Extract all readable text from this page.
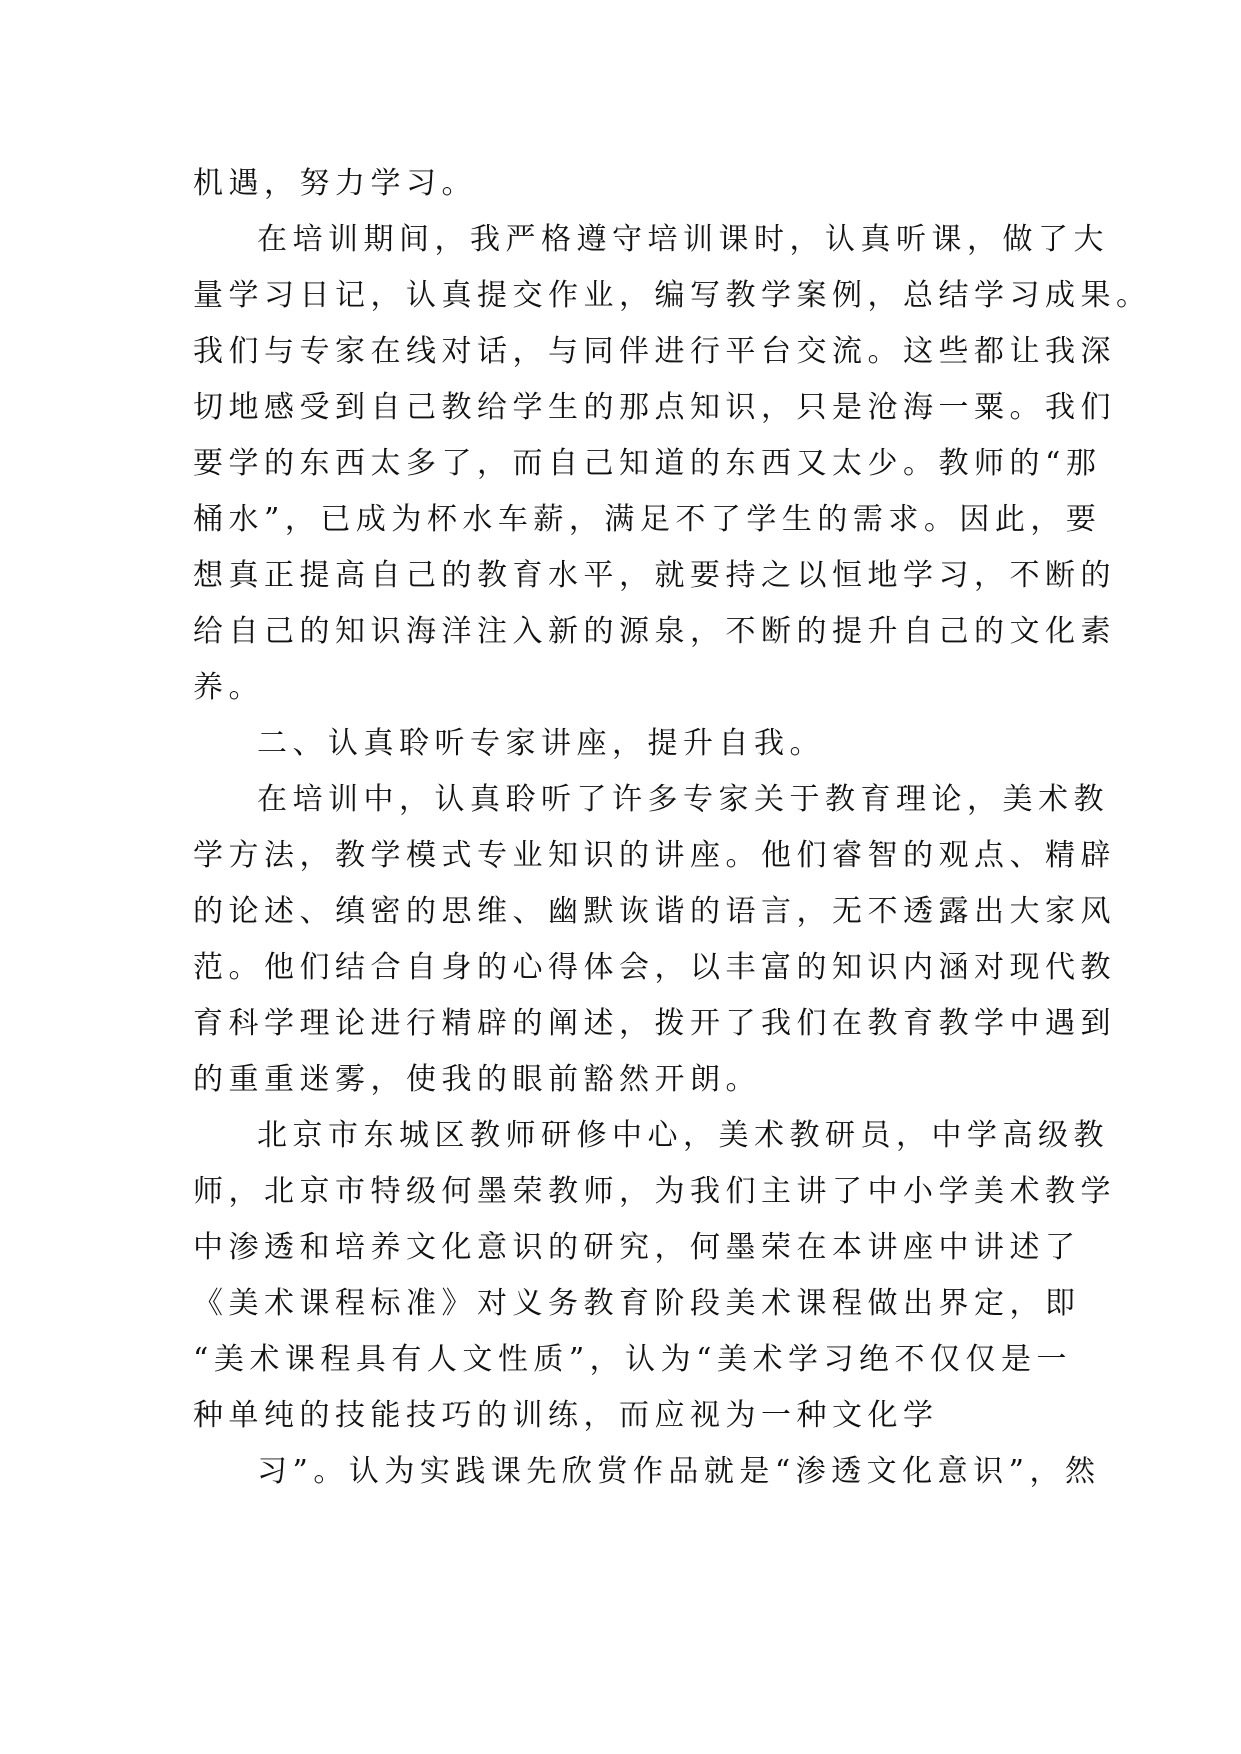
机遇，努力学习。
在培训期间，我严格遵守培训课时，认真听课，做了大
量学习日记，认真提交作业，编写教学案例，总结学习成果。
我们与专家在线对话，与同伴进行平台交流。这些都让我深
切地感受到自己教给学生的那点知识，只是沧海一粟。我们
要学的东西太多了，而自己知道的东西又太少。教师的“那
桶水”，已成为杯水车薪，满足不了学生的需求。因此，要
想真正提高自己的教育水平，就要持之以恒地学习，不断的
给自己的知识海洋注入新的源泉，不断的提升自己的文化素
养。
二、认真聆听专家讲座，提升自我。
在培训中，认真聆听了许多专家关于教育理论，美术教
学方法，教学模式专业知识的讲座。他们睿智的观点、精辟
的论述、缜密的思维、幽默诙谐的语言，无不透露出大家风
范。他们结合自身的心得体会，以丰富的知识内涵对现代教
育科学理论进行精辟的阐述，拨开了我们在教育教学中遇到
的重重迷雾，使我的眼前豁然开朗。
北京市东城区教师研修中心，美术教研员，中学高级教
师，北京市特级何墨荣教师，为我们主讲了中小学美术教学
中渗透和培养文化意识的研究，何墨荣在本讲座中讲述了
《美术课程标准》对义务教育阶段美术课程做出界定，即
“美术课程具有人文性质”，认为“美术学习绝不仅仅是一
种单纯的技能技巧的训练，而应视为一种文化学
习”。认为实践课先欣赏作品就是“渗透文化意识”，然
